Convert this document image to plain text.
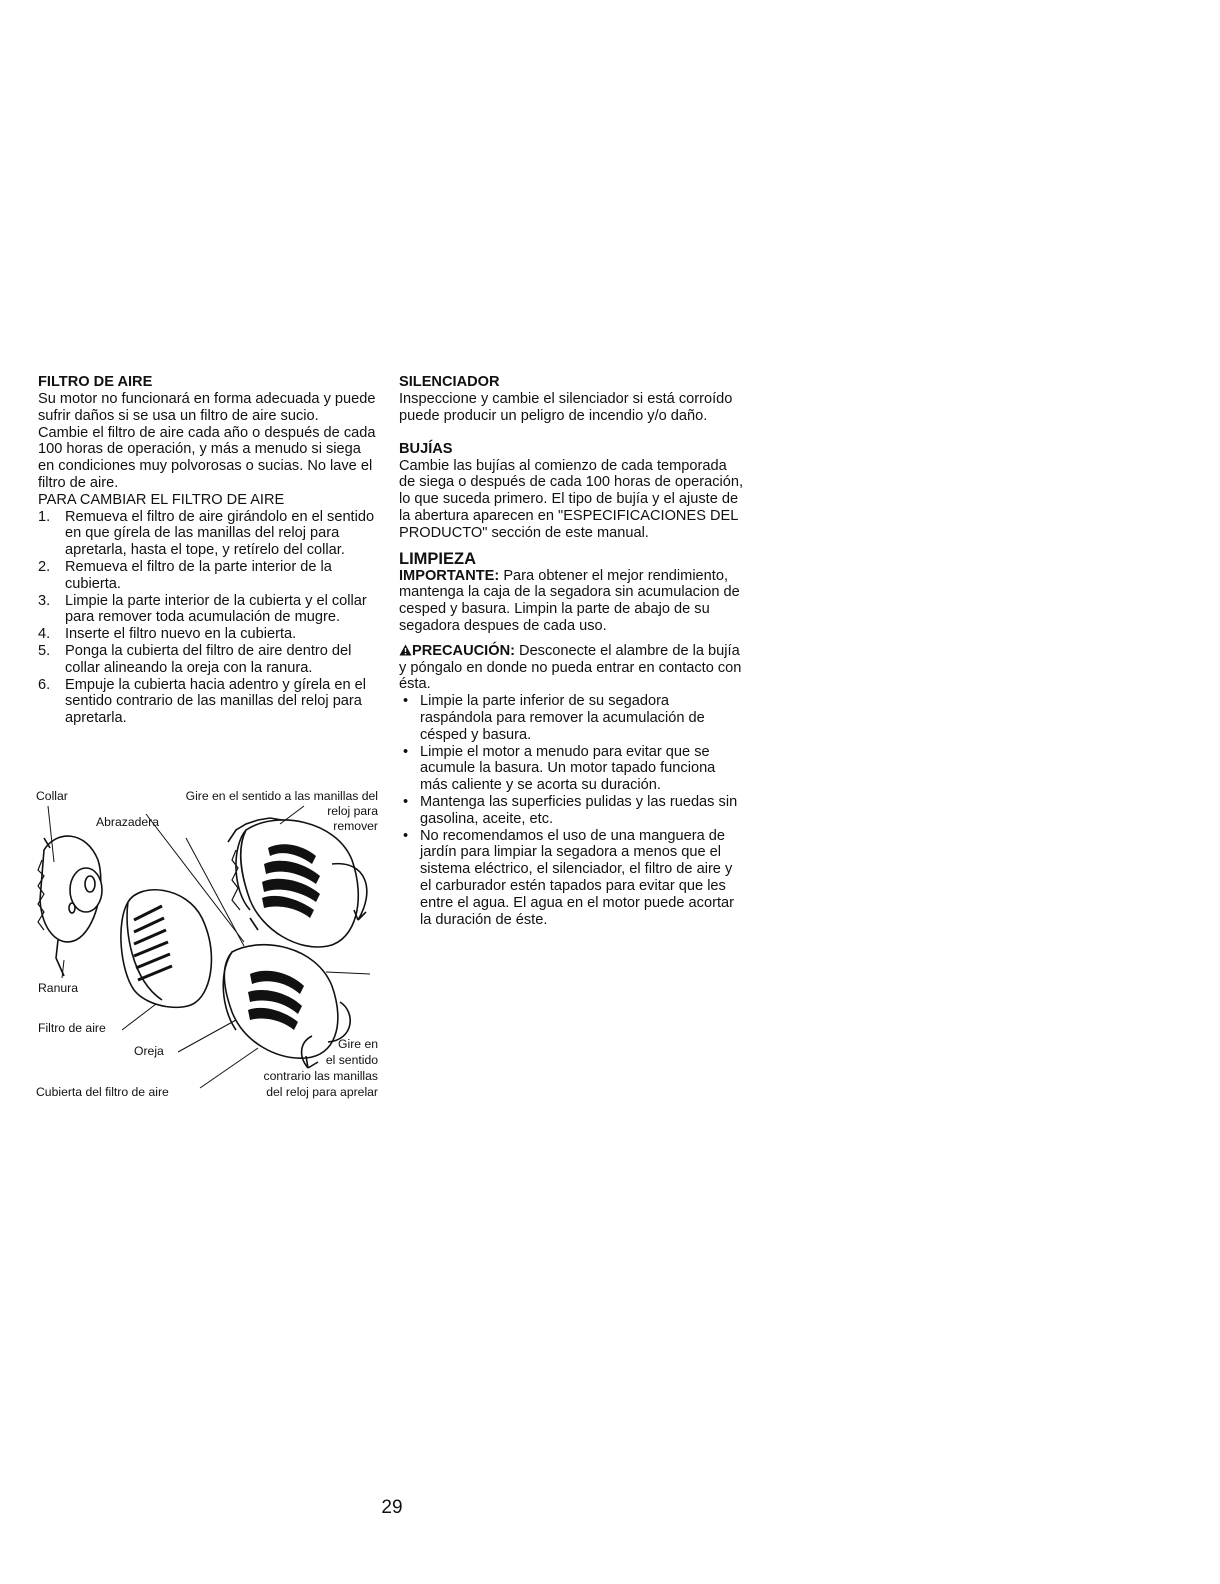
FILTRO DE AIRE

Su motor no funcionará en forma adecuada y puede sufrir daños si se usa un filtro de aire sucio.

Cambie el filtro de aire cada año o después de cada 100 horas de operación, y más a menudo si siega en condiciones muy polvorosas o sucias. No lave el filtro de aire.

PARA CAMBIAR EL FILTRO DE AIRE

1. Remueva el filtro de aire girándolo en el sentido en que gírela de las manillas del reloj para apretarla, hasta el tope, y retírelo del collar.
2. Remueva el filtro de la parte interior de la cubierta.
3. Limpie la parte interior de la cubierta y el collar para remover toda acumulación de mugre.
4. Inserte el filtro nuevo en la cubierta.
5. Ponga la cubierta del filtro de aire dentro del collar alineando la oreja con la ranura.
6. Empuje la cubierta hacia adentro y gírela en el sentido contrario de las manillas del reloj para apretarla.
Collar	Gire en el sentido a las manillas del
reloj para
remover
Abrazadera
Ranura
Filtro de aire
Oreja
Cubierta del filtro de aire
Gire en
el sentido
contrario las manillas
del reloj para aprelar

SILENCIADOR

Inspeccione y cambie el silenciador si está corroído puede producir un peligro de incendio y/o daño.

BUJÍAS

Cambie las bujías al comienzo de cada temporada de siega o después de cada 100 horas de operación, lo que suceda primero. El tipo de bujía y el ajuste de la abertura aparecen en "ESPECIFICACIONES DEL PRODUCTO" sección de este manual.

LIMPIEZA

IMPORTANTE: Para obtener el mejor rendimiento, mantenga la caja de la segadora sin acumulacion de cesped y basura. Limpin la parte de abajo de su segadora despues de cada uso.

PRECAUCIÓN: Desconecte el alambre de la bujía y póngalo en donde no pueda entrar en contacto con ésta.

• Limpie la parte inferior de su segadora raspándola para remover la acumulación de césped y basura.
• Limpie el motor a menudo para evitar que se acumule la basura. Un motor tapado funciona más caliente y se acorta su duración.
• Mantenga las superficies pulidas y las ruedas sin gasolina, aceite, etc.
• No recomendamos el uso de una manguera de jardín para limpiar la segadora a menos que el sistema eléctrico, el silenciador, el filtro de aire y el carburador estén tapados para evitar que les entre el agua. El agua en el motor puede acortar la duración de éste.
29
